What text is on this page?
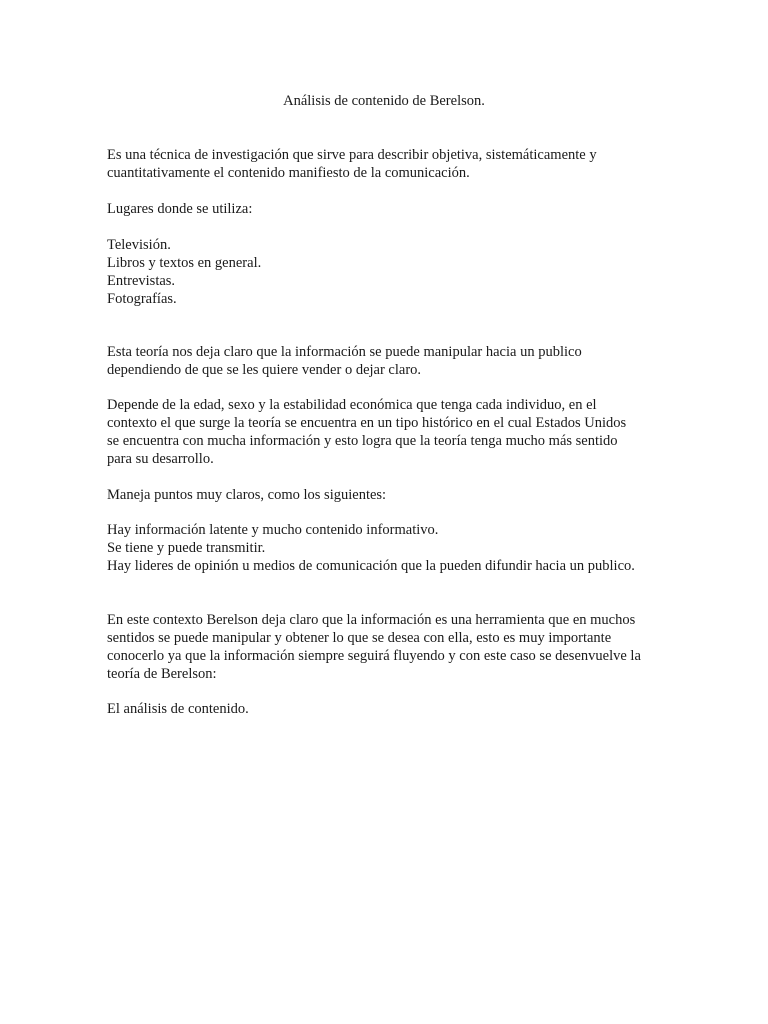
Análisis de contenido de Berelson.
Es una técnica de investigación que sirve para describir objetiva, sistemáticamente y
cuantitativamente el contenido manifiesto de la comunicación.
Lugares donde se utiliza:
Televisión.
Libros y textos en general.
Entrevistas.
Fotografías.
Esta teoría nos deja claro que la información se puede manipular hacia un publico
dependiendo de que se les quiere vender o dejar claro.
Depende de la edad, sexo y la estabilidad económica que tenga cada individuo, en el
contexto el que surge la teoría se encuentra en un tipo histórico en el cual Estados Unidos
se encuentra con mucha información y esto logra que la teoría tenga mucho más sentido
para su desarrollo.
Maneja puntos muy claros, como los siguientes:
Hay información latente y mucho contenido informativo.
Se tiene y puede transmitir.
Hay lideres de opinión u medios de comunicación que la pueden difundir hacia un publico.
En este contexto Berelson deja claro que la información es una herramienta que en muchos
sentidos se puede manipular y obtener lo que se desea con ella, esto es muy importante
conocerlo ya que la información siempre seguirá fluyendo y con este caso se desenvuelve la
teoría de Berelson:
El análisis de contenido.
